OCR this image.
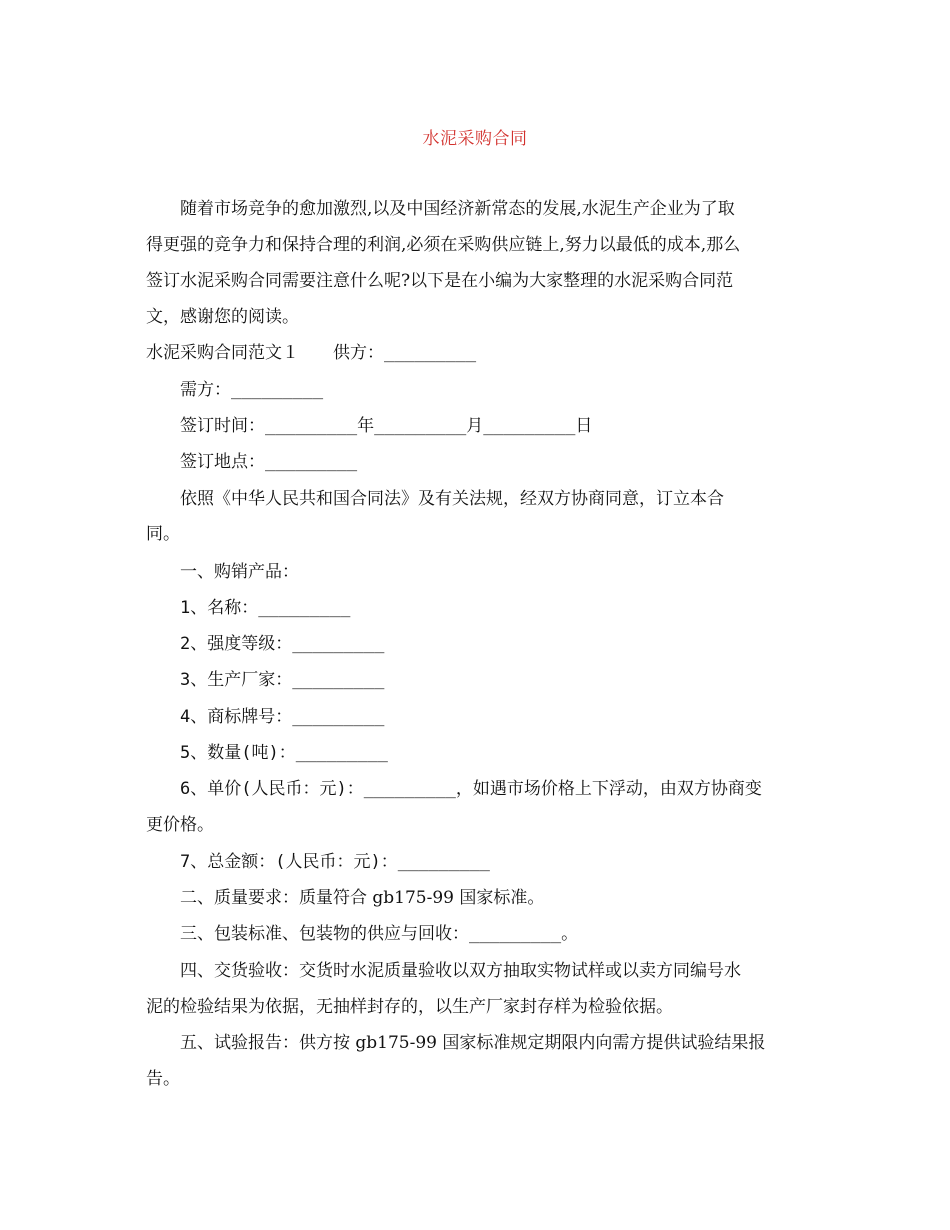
水泥采购合同
随着市场竞争的愈加激烈,以及中国经济新常态的发展,水泥生产企业为了取
得更强的竞争力和保持合理的利润,必须在采购供应链上,努力以最低的成本,那么
签订水泥采购合同需要注意什么呢?以下是在小编为大家整理的水泥采购合同范
文，感谢您的阅读。
水泥采购合同范文１　　供方：_________
需方：_________
签订时间：_________年_________月_________日
签订地点：_________
依照《中华人民共和国合同法》及有关法规，经双方协商同意，订立本合
同。
一、购销产品：
1、名称：_________
2、强度等级：_________
3、生产厂家：_________
4、商标牌号：_________
5、数量(吨)：_________
6、单价(人民币：元)：_________，如遇市场价格上下浮动，由双方协商变
更价格。
7、总金额：(人民币：元)：_________
二、质量要求：质量符合 gb175-99 国家标准。
三、包装标准、包装物的供应与回收：_________。
四、交货验收：交货时水泥质量验收以双方抽取实物试样或以卖方同编号水
泥的检验结果为依据，无抽样封存的，以生产厂家封存样为检验依据。
五、试验报告：供方按 gb175-99 国家标准规定期限内向需方提供试验结果报
告。
